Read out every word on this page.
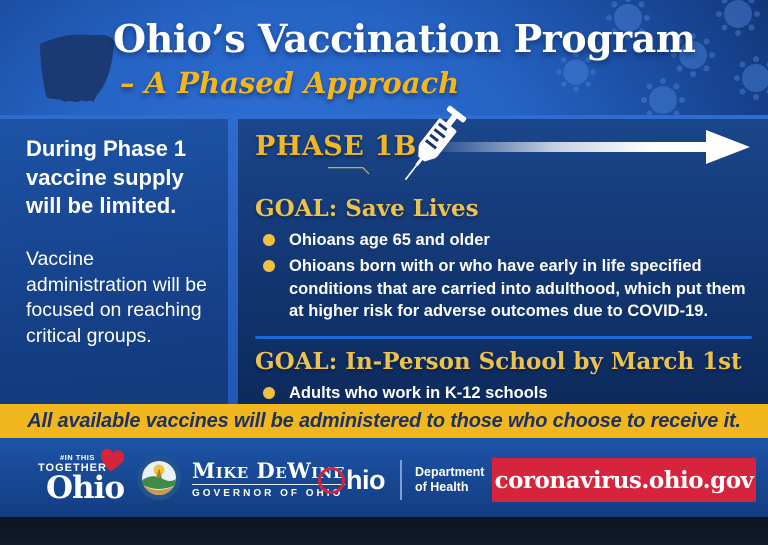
Ohio’s Vaccination Program
– A Phased Approach
During Phase 1 vaccine supply will be limited.
Vaccine administration will be focused on reaching critical groups.
PHASE 1B
GOAL: Save Lives
Ohioans age 65 and older
Ohioans born with or who have early in life specified conditions that are carried into adulthood, which put them at higher risk for adverse outcomes due to COVID-19.
GOAL: In-Person School by March 1st
Adults who work in K-12 schools
All available vaccines will be administered to those who choose to receive it.
#IN THIS
TOGETHER
Ohio	Mike DeWine
GOVERNOR OF OHIO hio Department
of Health	coronavirus.ohio.gov
